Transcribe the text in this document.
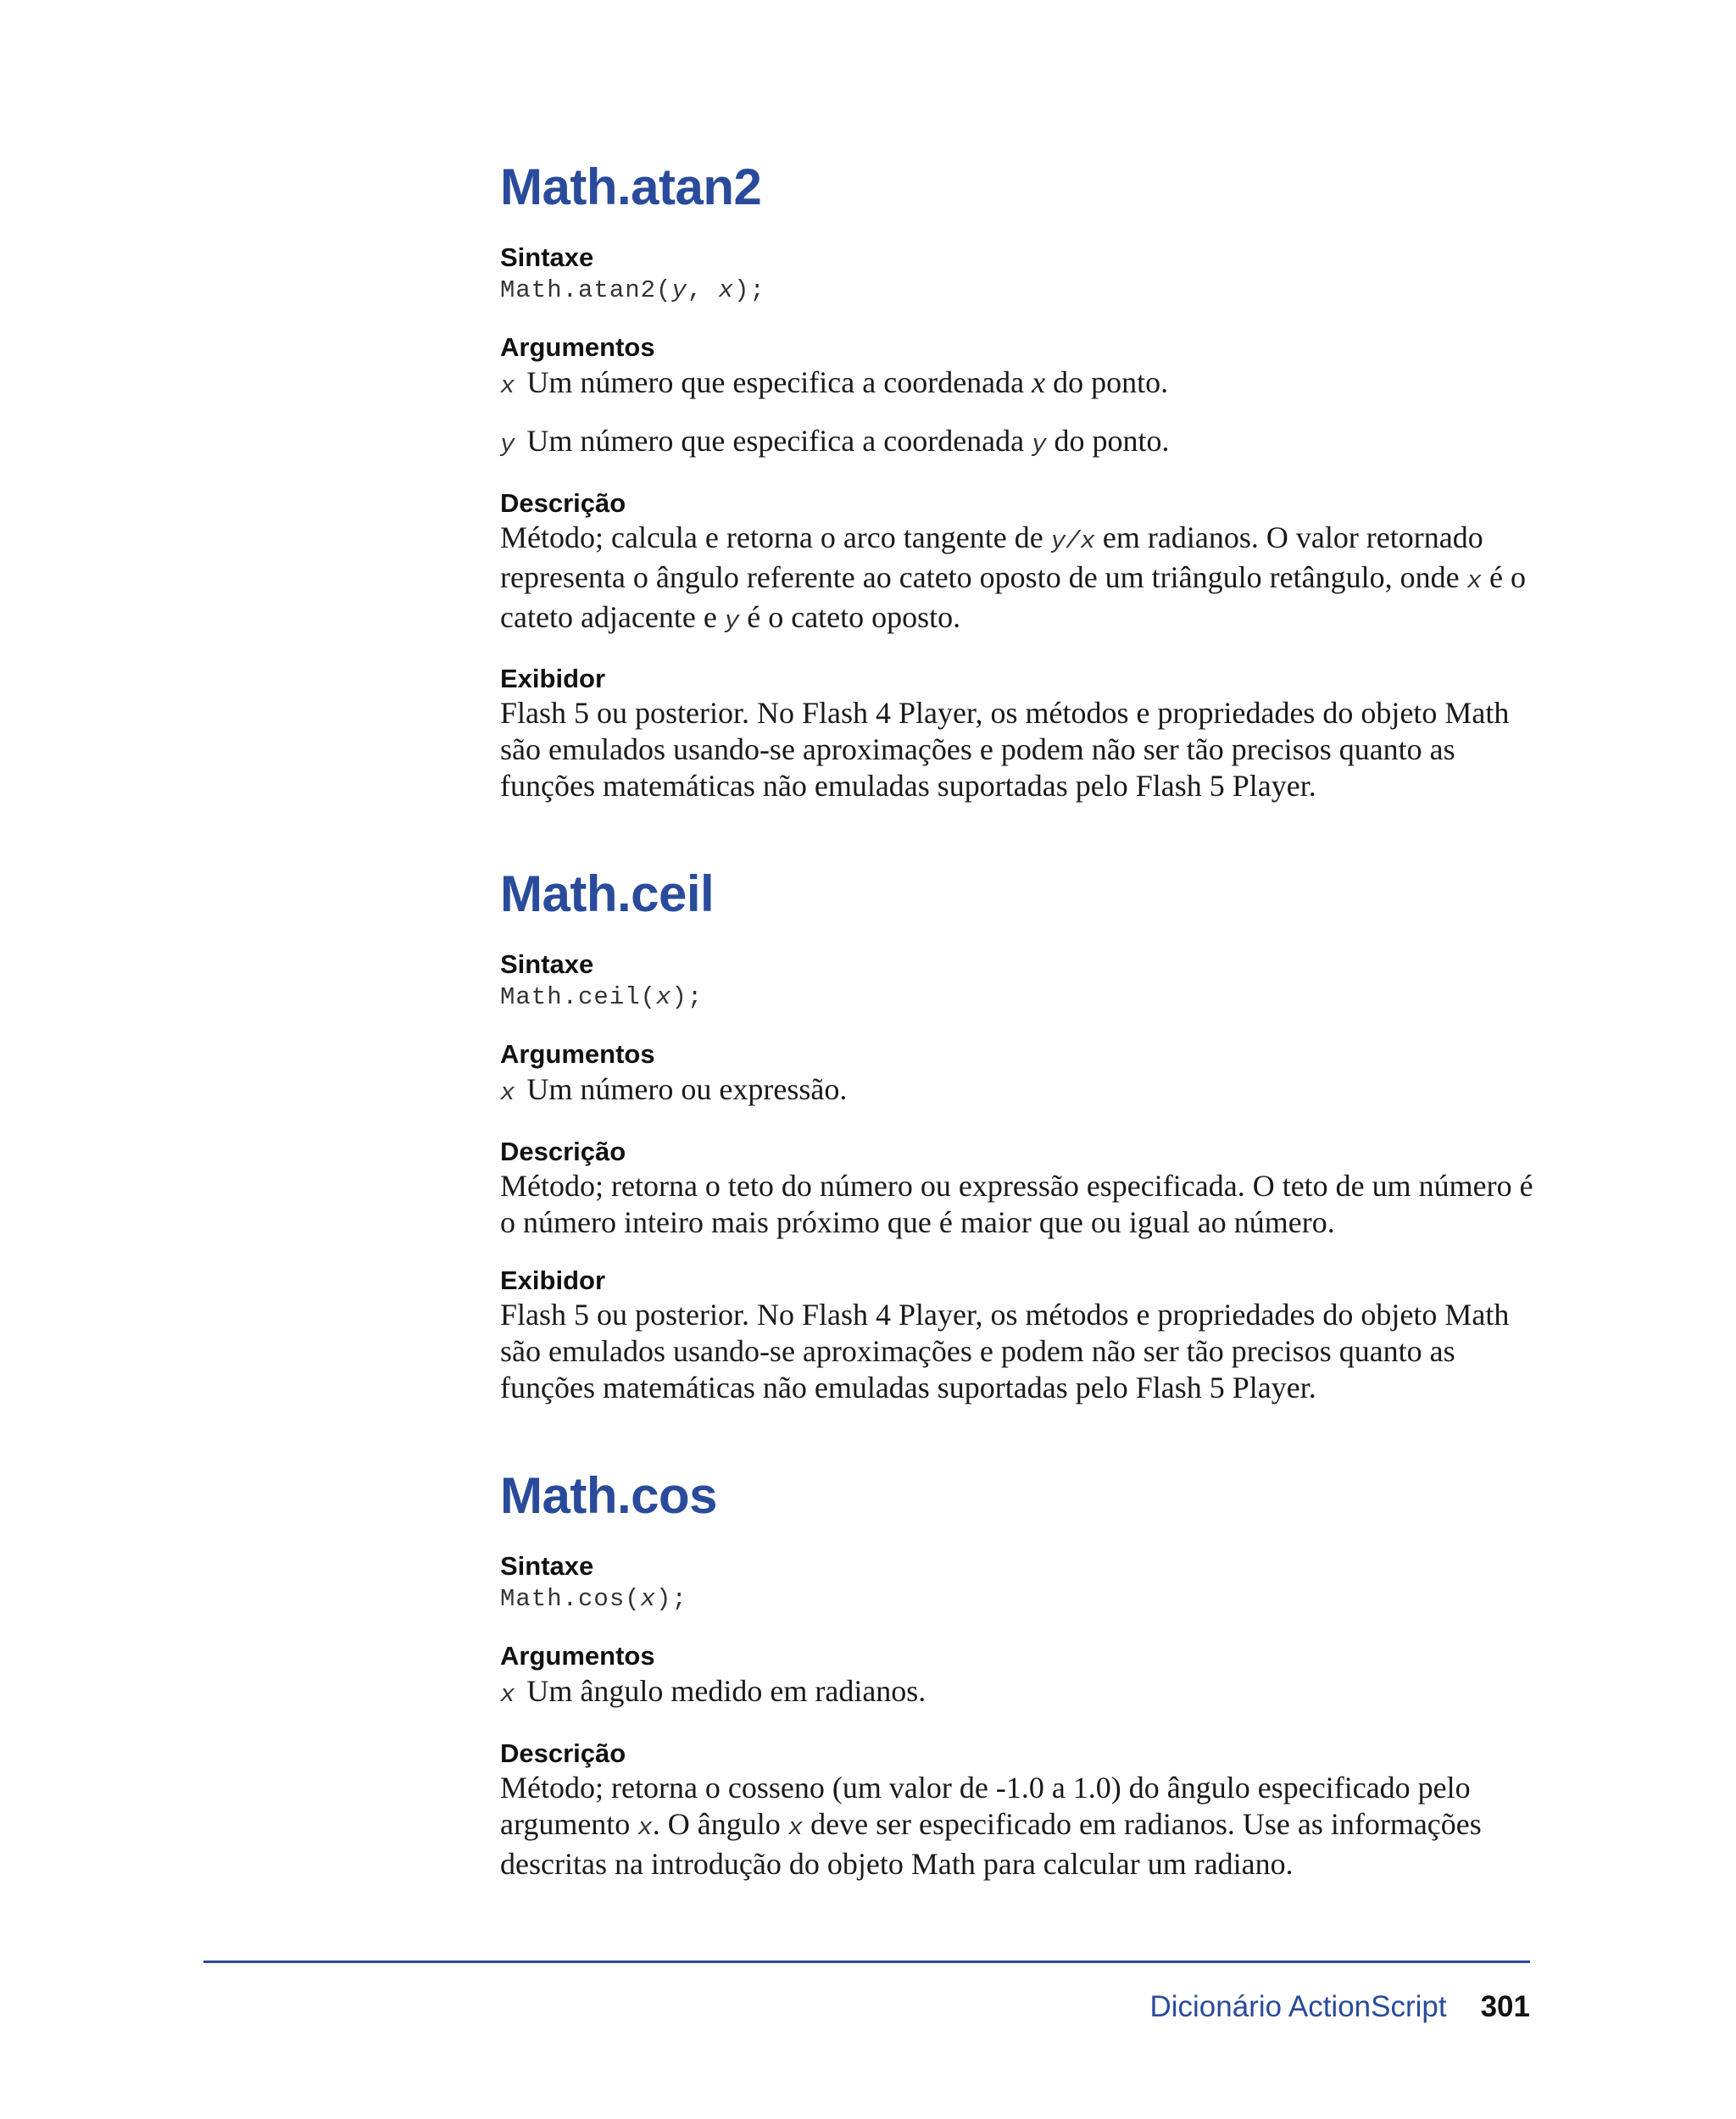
Math.atan2
Sintaxe
Math.atan2(y, x);
Argumentos
x Um número que especifica a coordenada x do ponto.
y Um número que especifica a coordenada y do ponto.
Descrição

Método; calcula e retorna o arco tangente de y/x em radianos. O valor retornado representa o ângulo referente ao cateto oposto de um triângulo retângulo, onde x é o cateto adjacente e y é o cateto oposto.

Exibidor

Flash 5 ou posterior. No Flash 4 Player, os métodos e propriedades do objeto Math são emulados usando-se aproximações e podem não ser tão precisos quanto as funções matemáticas não emuladas suportadas pelo Flash 5 Player.

Math.ceil
Sintaxe
Math.ceil(x);
Argumentos
x Um número ou expressão.
Descrição

Método; retorna o teto do número ou expressão especificada. O teto de um número é o número inteiro mais próximo que é maior que ou igual ao número.

Exibidor

Flash 5 ou posterior. No Flash 4 Player, os métodos e propriedades do objeto Math são emulados usando-se aproximações e podem não ser tão precisos quanto as funções matemáticas não emuladas suportadas pelo Flash 5 Player.

Math.cos
Sintaxe
Math.cos(x);
Argumentos
x Um ângulo medido em radianos.
Descrição

Método; retorna o cosseno (um valor de -1.0 a 1.0) do ângulo especificado pelo argumento x. O ângulo x deve ser especificado em radianos. Use as informações descritas na introdução do objeto Math para calcular um radiano.

Dicionário ActionScript 301
